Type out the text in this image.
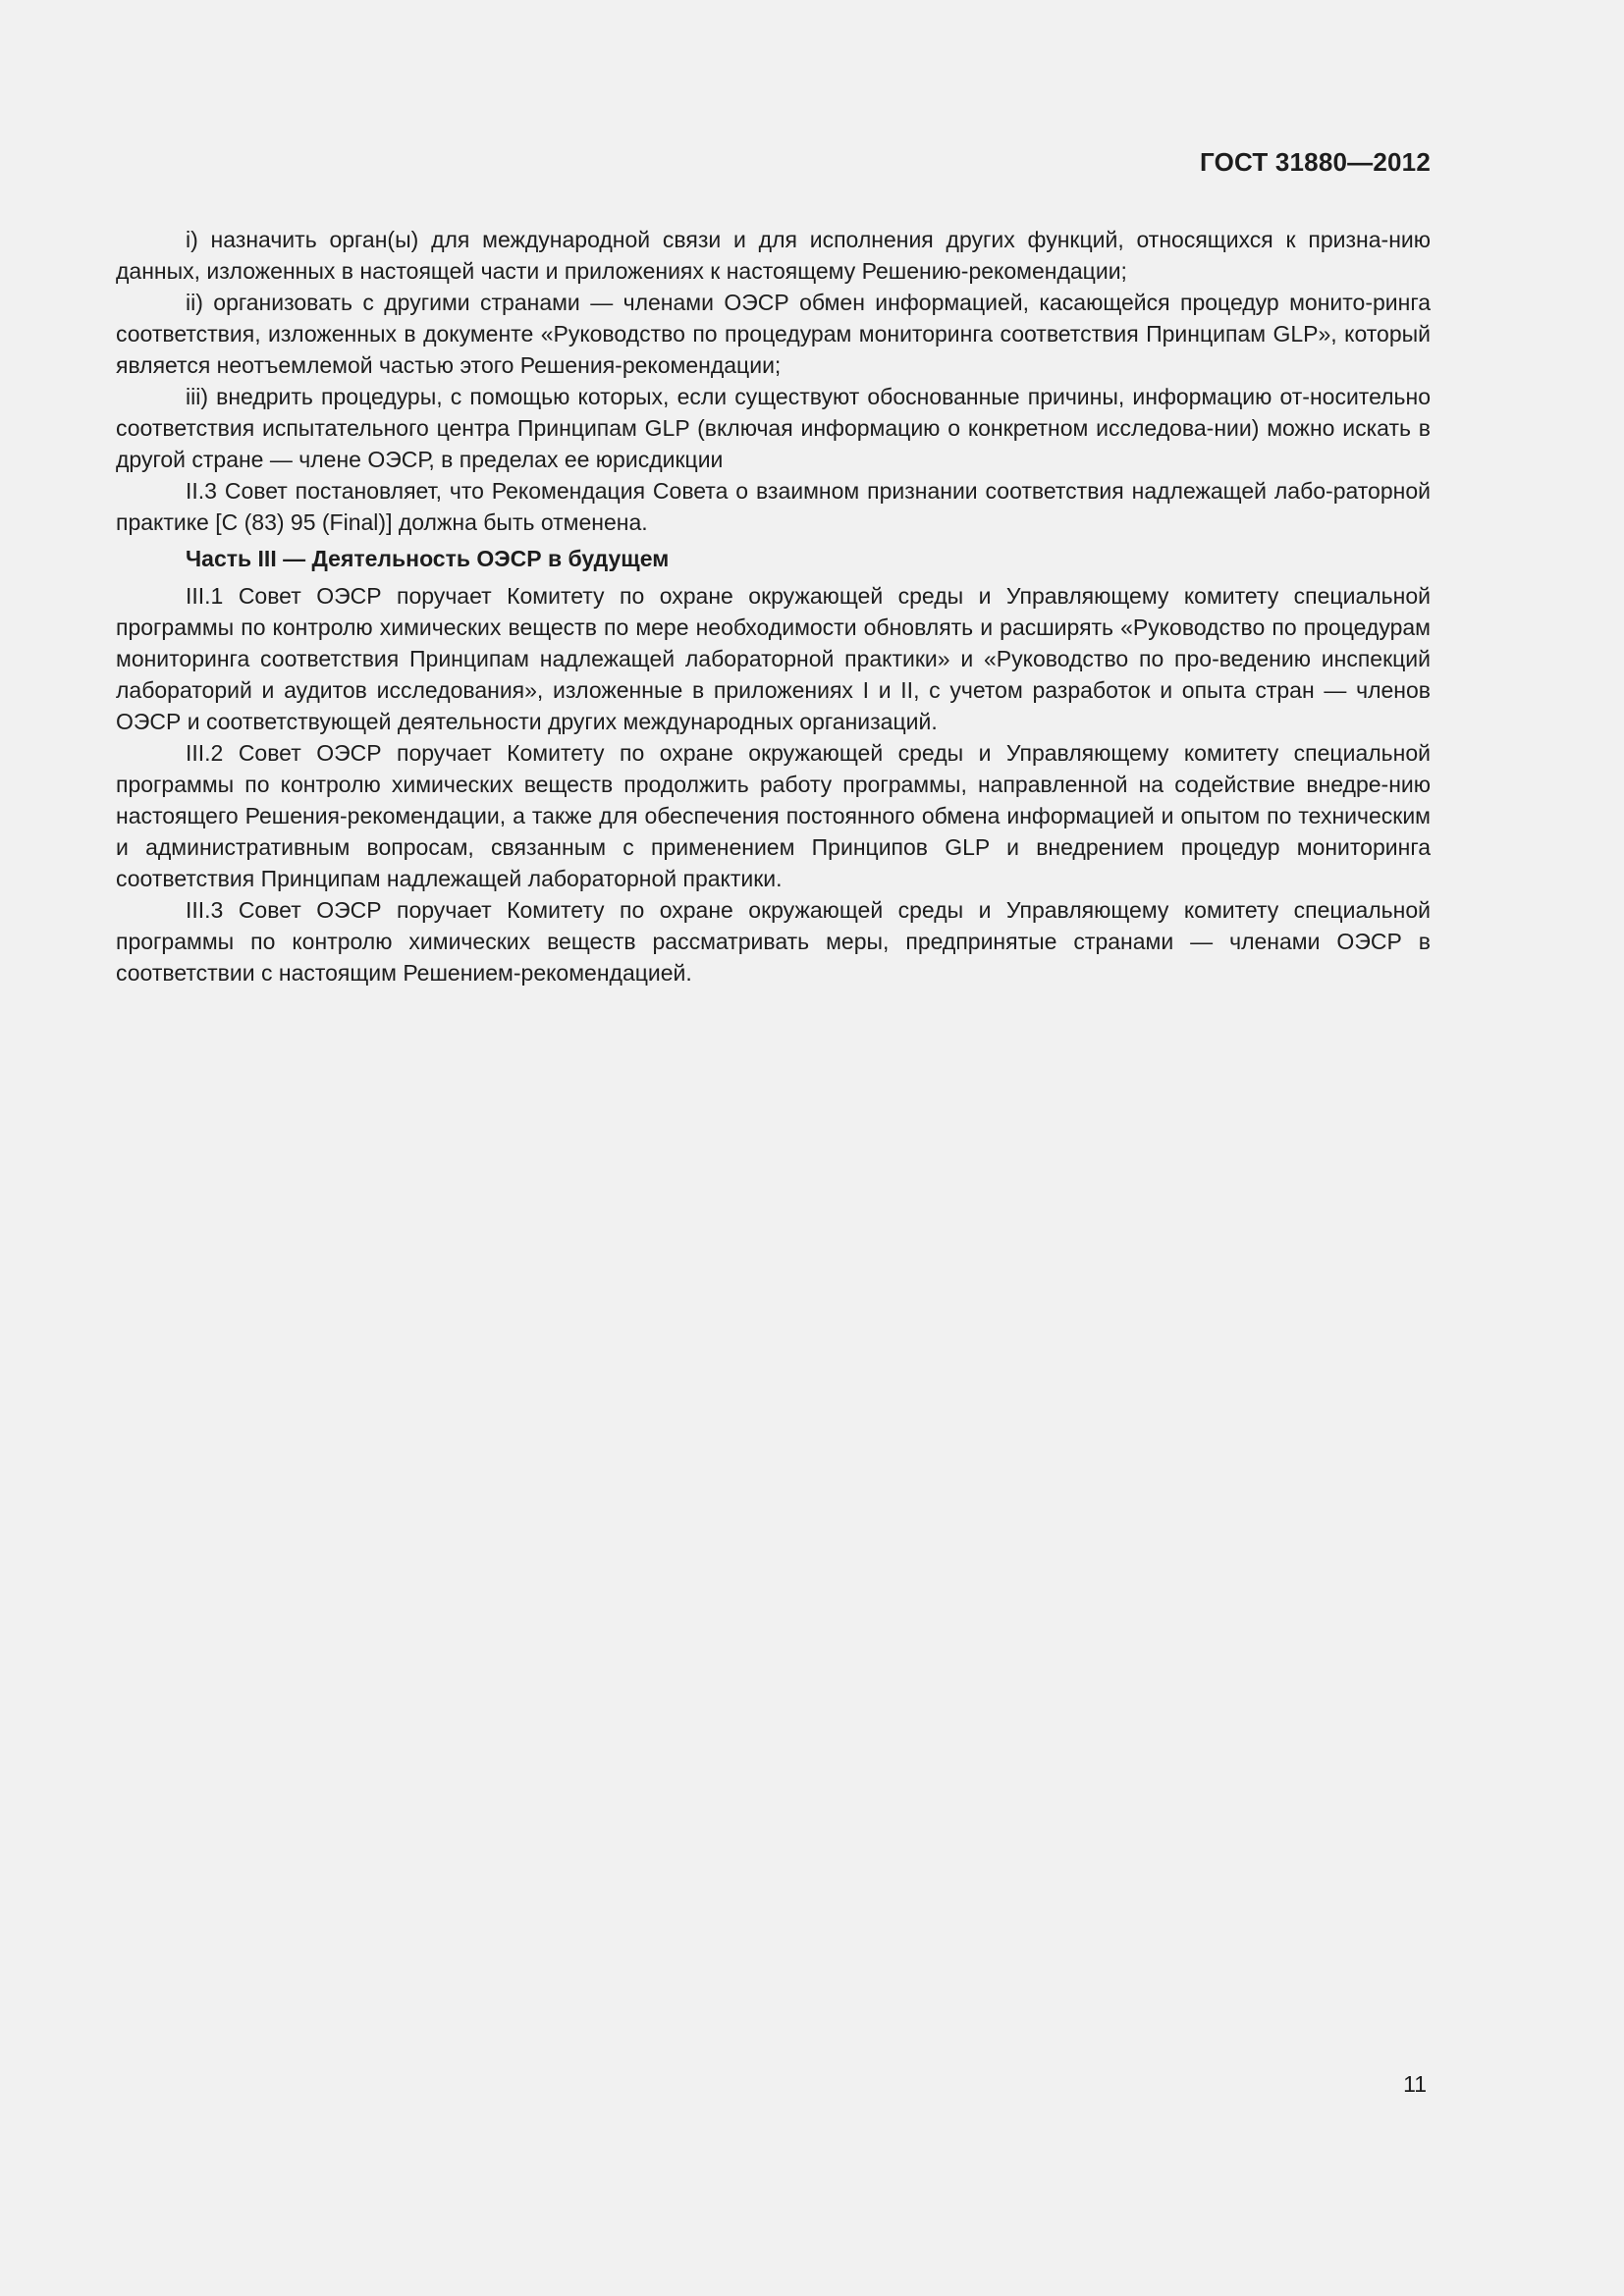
ГОСТ 31880—2012

i) назначить орган(ы) для международной связи и для исполнения других функций, относящихся к призна-нию данных, изложенных в настоящей части и приложениях к настоящему Решению-рекомендации;

ii) организовать с другими странами — членами ОЭСР обмен информацией, касающейся процедур монито-ринга соответствия, изложенных в документе «Руководство по процедурам мониторинга соответствия Принципам GLP», который является неотъемлемой частью этого Решения-рекомендации;

iii) внедрить процедуры, с помощью которых, если существуют обоснованные причины, информацию от-носительно соответствия испытательного центра Принципам GLP (включая информацию о конкретном исследова-нии) можно искать в другой стране — члене ОЭСР, в пределах ее юрисдикции

II.3 Совет постановляет, что Рекомендация Совета о взаимном признании соответствия надлежащей лабо-раторной практике [С (83) 95 (Final)] должна быть отменена.

Часть III — Деятельность ОЭСР в будущем

III.1 Совет ОЭСР поручает Комитету по охране окружающей среды и Управляющему комитету специальной программы по контролю химических веществ по мере необходимости обновлять и расширять «Руководство по процедурам мониторинга соответствия Принципам надлежащей лабораторной практики» и «Руководство по про-ведению инспекций лабораторий и аудитов исследования», изложенные в приложениях I и II, с учетом разработок и опыта стран — членов ОЭСР и соответствующей деятельности других международных организаций.

III.2 Совет ОЭСР поручает Комитету по охране окружающей среды и Управляющему комитету специальной программы по контролю химических веществ продолжить работу программы, направленной на содействие внедре-нию настоящего Решения-рекомендации, а также для обеспечения постоянного обмена информацией и опытом по техническим и административным вопросам, связанным с применением Принципов GLP и внедрением процедур мониторинга соответствия Принципам надлежащей лабораторной практики.

III.3 Совет ОЭСР поручает Комитету по охране окружающей среды и Управляющему комитету специальной программы по контролю химических веществ рассматривать меры, предпринятые странами — членами ОЭСР в соответствии с настоящим Решением-рекомендацией.

11
